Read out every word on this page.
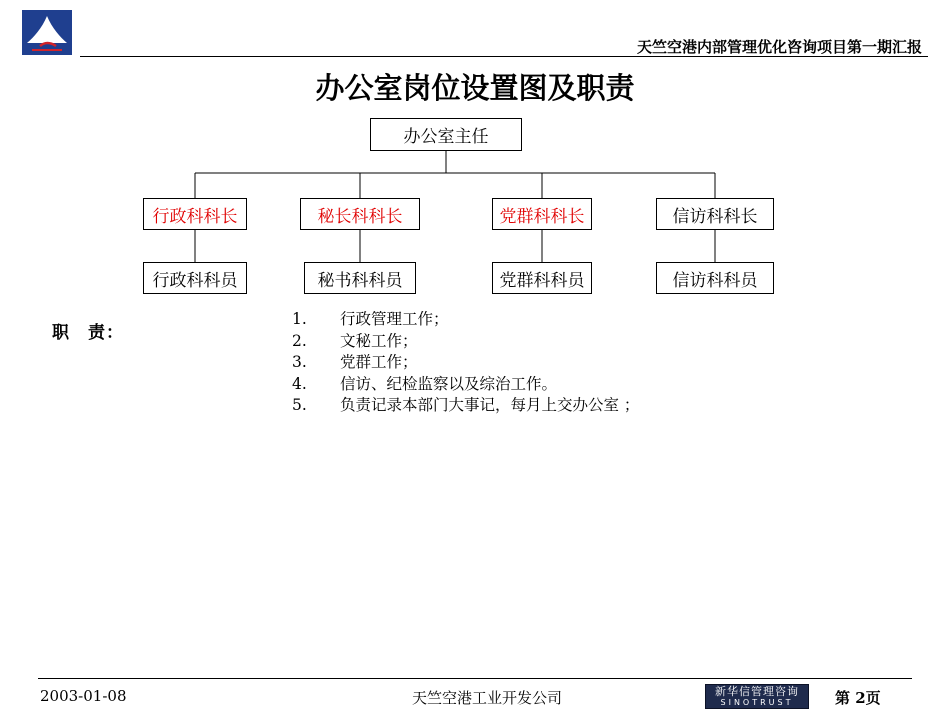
天竺空港内部管理优化咨询项目第一期汇报
办公室岗位设置图及职责
办公室主任
行政科科长	秘长科科长	党群科科长	信访科科长
行政科科员	秘书科科员	党群科科员	信访科科员
职　责：
1.	行政管理工作；
2.	文秘工作；
3.	党群工作；
4.	信访、纪检监察以及综治工作。
5.	负责记录本部门大事记，每月上交办公室 ；
2003-01-08	天竺空港工业开发公司	新华信管理咨询
SINOTRUST	第 2页
